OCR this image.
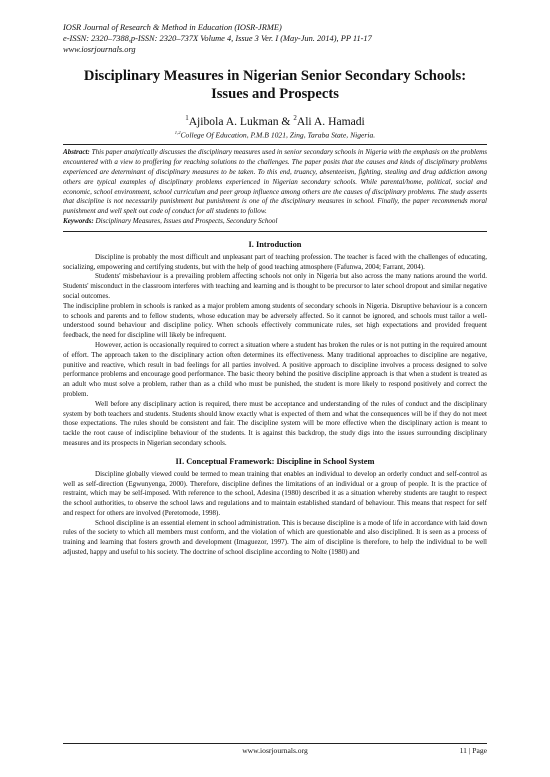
IOSR Journal of Research & Method in Education (IOSR-JRME)
e-ISSN: 2320–7388,p-ISSN: 2320–737X Volume 4, Issue 3 Ver. I (May-Jun. 2014), PP 11-17
www.iosrjournals.org
Disciplinary Measures in Nigerian Senior Secondary Schools:
Issues and Prospects
$^1$Ajibola A. Lukman & $^2$Ali A. Hamadi
$^{1,2}$College Of Education, P.M.B 1021, Zing, Taraba State, Nigeria.
Abstract: This paper analytically discusses the disciplinary measures used in senior secondary schools in Nigeria with the emphasis on the problems encountered with a view to proffering for reaching solutions to the challenges. The paper posits that the causes and kinds of disciplinary problems experienced are determinant of disciplinary measures to be taken. To this end, truancy, absenteeism, fighting, stealing and drug addiction among others are typical examples of disciplinary problems experienced in Nigerian secondary schools. While parental/home, political, social and economic, school environment, school curriculum and peer group influence among others are the causes of disciplinary problems. The study asserts that discipline is not necessarily punishment but punishment is one of the disciplinary measures in school. Finally, the paper recommends moral punishment and well spelt out code of conduct for all students to follow.
Keywords: Disciplinary Measures, Issues and Prospects, Secondary School
I. Introduction

Discipline is probably the most difficult and unpleasant part of teaching profession. The teacher is faced with the challenges of educating, socializing, empowering and certifying students, but with the help of good teaching atmosphere (Fafunwa, 2004; Farrant, 2004).

Students' misbehaviour is a prevailing problem affecting schools not only in Nigeria but also across the many nations around the world. Students' misconduct in the classroom interferes with teaching and learning and is thought to be precursor to later school dropout and similar negative social outcomes.

The indiscipline problem in schools is ranked as a major problem among students of secondary schools in Nigeria. Disruptive behaviour is a concern to schools and parents and to fellow students, whose education may be adversely affected. So it cannot be ignored, and schools must tailor a well-understood sound behaviour and discipline policy. When schools effectively communicate rules, set high expectations and provided frequent feedback, the need for discipline will likely be infrequent.

However, action is occasionally required to correct a situation where a student has broken the rules or is not putting in the required amount of effort. The approach taken to the disciplinary action often determines its effectiveness. Many traditional approaches to discipline are negative, punitive and reactive, which result in bad feelings for all parties involved. A positive approach to discipline involves a process designed to solve performance problems and encourage good performance. The basic theory behind the positive discipline approach is that when a student is treated as an adult who must solve a problem, rather than as a child who must be punished, the student is more likely to respond positively and correct the problem.

Well before any disciplinary action is required, there must be acceptance and understanding of the rules of conduct and the disciplinary system by both teachers and students. Students should know exactly what is expected of them and what the consequences will be if they do not meet those expectations. The rules should be consistent and fair. The discipline system will be more effective when the disciplinary action is meant to tackle the root cause of indiscipline behaviour of the students. It is against this backdrop, the study digs into the issues surrounding disciplinary measures and its prospects in Nigerian secondary schools.

II. Conceptual Framework: Discipline in School System

Discipline globally viewed could be termed to mean training that enables an individual to develop an orderly conduct and self-control as well as self-direction (Egwunyenga, 2000). Therefore, discipline defines the limitations of an individual or a group of people. It is the practice of restraint, which may be self-imposed. With reference to the school, Adesina (1980) described it as a situation whereby students are taught to respect the school authorities, to observe the school laws and regulations and to maintain established standard of behaviour. This means that respect for self and respect for others are involved (Peretomode, 1998).

School discipline is an essential element in school administration. This is because discipline is a mode of life in accordance with laid down rules of the society to which all members must conform, and the violation of which are questionable and also disciplined. It is seen as a process of training and learning that fosters growth and development (Imaguezor, 1997). The aim of discipline is therefore, to help the individual to be well adjusted, happy and useful to his society. The doctrine of school discipline according to Nolte (1980) and

www.iosrjournals.org	11 | Page
